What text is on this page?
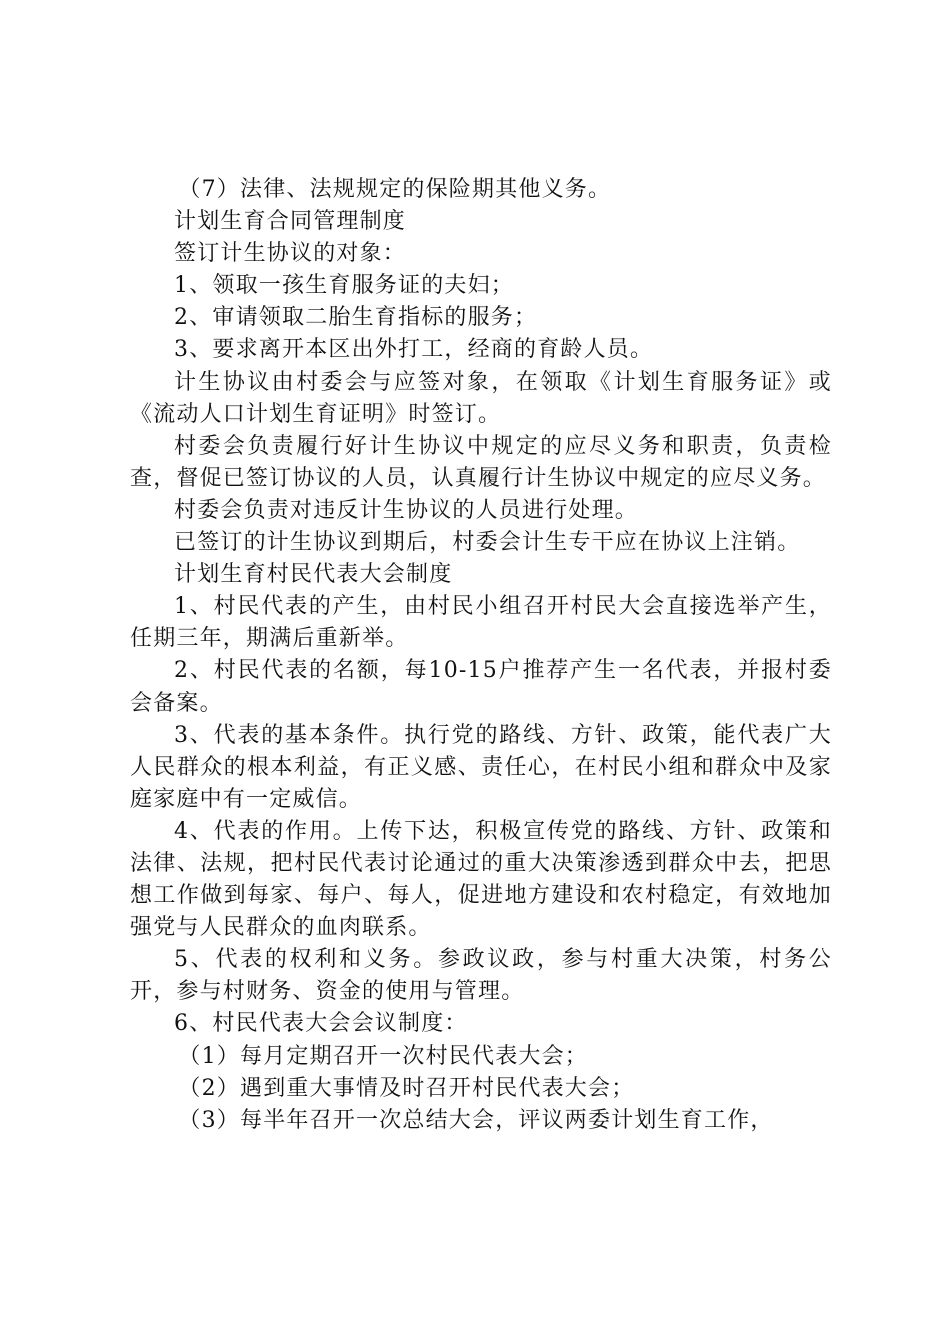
（7）法律、法规规定的保险期其他义务。

计划生育合同管理制度

签订计生协议的对象：

1、领取一孩生育服务证的夫妇；

2、审请领取二胎生育指标的服务；

3、要求离开本区出外打工，经商的育龄人员。

计生协议由村委会与应签对象，在领取《计划生育服务证》或《流动人口计划生育证明》时签订。

村委会负责履行好计生协议中规定的应尽义务和职责，负责检查，督促已签订协议的人员，认真履行计生协议中规定的应尽义务。

村委会负责对违反计生协议的人员进行处理。

已签订的计生协议到期后，村委会计生专干应在协议上注销。

计划生育村民代表大会制度

1、村民代表的产生，由村民小组召开村民大会直接选举产生，任期三年，期满后重新举。

2、村民代表的名额，每10-15户推荐产生一名代表，并报村委会备案。

3、代表的基本条件。执行党的路线、方针、政策，能代表广大人民群众的根本利益，有正义感、责任心，在村民小组和群众中及家庭家庭中有一定威信。

4、代表的作用。上传下达，积极宣传党的路线、方针、政策和法律、法规，把村民代表讨论通过的重大决策渗透到群众中去，把思想工作做到每家、每户、每人，促进地方建设和农村稳定，有效地加强党与人民群众的血肉联系。

5、代表的权利和义务。参政议政，参与村重大决策，村务公开，参与村财务、资金的使用与管理。

6、村民代表大会会议制度：

（1）每月定期召开一次村民代表大会；

（2）遇到重大事情及时召开村民代表大会；

（3）每半年召开一次总结大会，评议两委计划生育工作，
